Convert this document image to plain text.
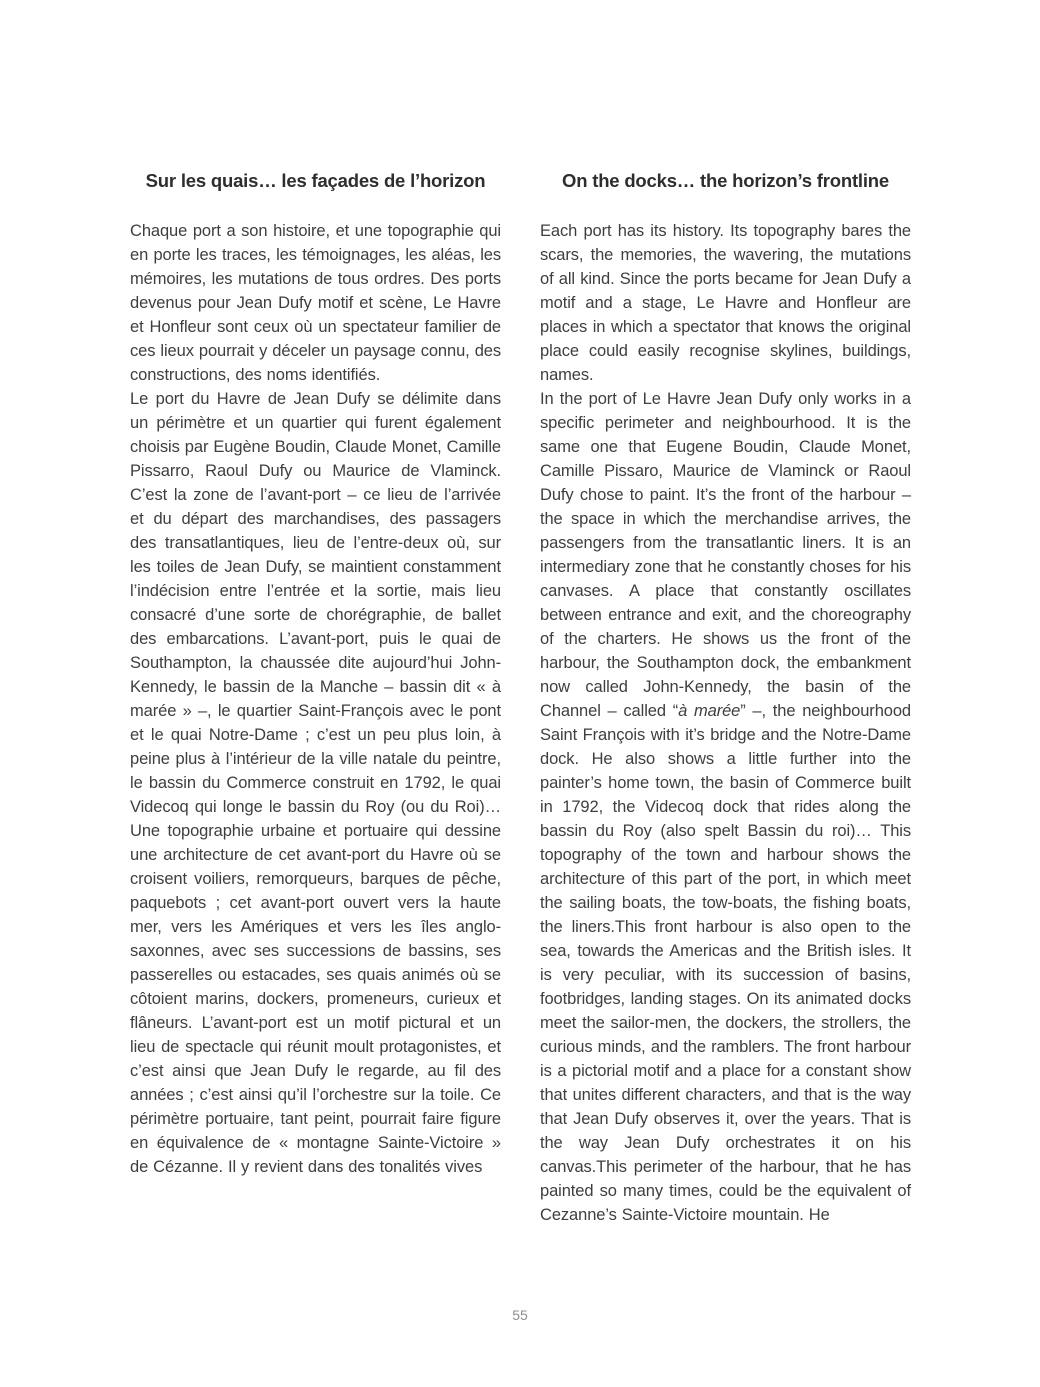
Sur les quais… les façades de l’horizon

Chaque port a son histoire, et une topographie qui en porte les traces, les témoignages, les aléas, les mémoires, les mutations de tous ordres. Des ports devenus pour Jean Dufy motif et scène, Le Havre et Honfleur sont ceux où un spectateur familier de ces lieux pourrait y déceler un paysage connu, des constructions, des noms identifiés.

Le port du Havre de Jean Dufy se délimite dans un périmètre et un quartier qui furent également choisis par Eugène Boudin, Claude Monet, Camille Pissarro, Raoul Dufy ou Maurice de Vlaminck. C’est la zone de l’avant-port – ce lieu de l’arrivée et du départ des marchandises, des passagers des transatlantiques, lieu de l’entre-deux où, sur les toiles de Jean Dufy, se maintient constamment l’indécision entre l’entrée et la sortie, mais lieu consacré d’une sorte de chorégraphie, de ballet des embarcations. L’avant-port, puis le quai de Southampton, la chaussée dite aujourd’hui John-Kennedy, le bassin de la Manche – bassin dit « à marée » –, le quartier Saint-François avec le pont et le quai Notre-Dame ; c’est un peu plus loin, à peine plus à l’intérieur de la ville natale du peintre, le bassin du Commerce construit en 1792, le quai Videcoq qui longe le bassin du Roy (ou du Roi)… Une topographie urbaine et portuaire qui dessine une architecture de cet avant-port du Havre où se croisent voiliers, remorqueurs, barques de pêche, paquebots ; cet avant-port ouvert vers la haute mer, vers les Amériques et vers les îles anglo-saxonnes, avec ses successions de bassins, ses passerelles ou estacades, ses quais animés où se côtoient marins, dockers, promeneurs, curieux et flâneurs. L’avant-port est un motif pictural et un lieu de spectacle qui réunit moult protagonistes, et c’est ainsi que Jean Dufy le regarde, au fil des années ; c’est ainsi qu’il l’orchestre sur la toile. Ce périmètre portuaire, tant peint, pourrait faire figure en équivalence de « montagne Sainte-Victoire » de Cézanne. Il y revient dans des tonalités vives

On the docks… the horizon’s frontline

Each port has its history. Its topography bares the scars, the memories, the wavering, the mutations of all kind. Since the ports became for Jean Dufy a motif and a stage, Le Havre and Honfleur are places in which a spectator that knows the original place could easily recognise skylines, buildings, names.

In the port of Le Havre Jean Dufy only works in a specific perimeter and neighbourhood. It is the same one that Eugene Boudin, Claude Monet, Camille Pissaro, Maurice de Vlaminck or Raoul Dufy chose to paint. It’s the front of the harbour – the space in which the merchandise arrives, the passengers from the transatlantic liners. It is an intermediary zone that he constantly choses for his canvases. A place that constantly oscillates between entrance and exit, and the choreography of the charters. He shows us the front of the harbour, the Southampton dock, the embankment now called John-Kennedy, the basin of the Channel – called “à marée” –, the neighbourhood Saint François with it’s bridge and the Notre-Dame dock. He also shows a little further into the painter’s home town, the basin of Commerce built in 1792, the Videcoq dock that rides along the bassin du Roy (also spelt Bassin du roi)… This topography of the town and harbour shows the architecture of this part of the port, in which meet the sailing boats, the tow-boats, the fishing boats, the liners.This front harbour is also open to the sea, towards the Americas and the British isles. It is very peculiar, with its succession of basins, footbridges, landing stages. On its animated docks meet the sailor-men, the dockers, the strollers, the curious minds, and the ramblers. The front harbour is a pictorial motif and a place for a constant show that unites different characters, and that is the way that Jean Dufy observes it, over the years. That is the way Jean Dufy orchestrates it on his canvas.This perimeter of the harbour, that he has painted so many times, could be the equivalent of Cezanne’s Sainte-Victoire mountain. He

55
